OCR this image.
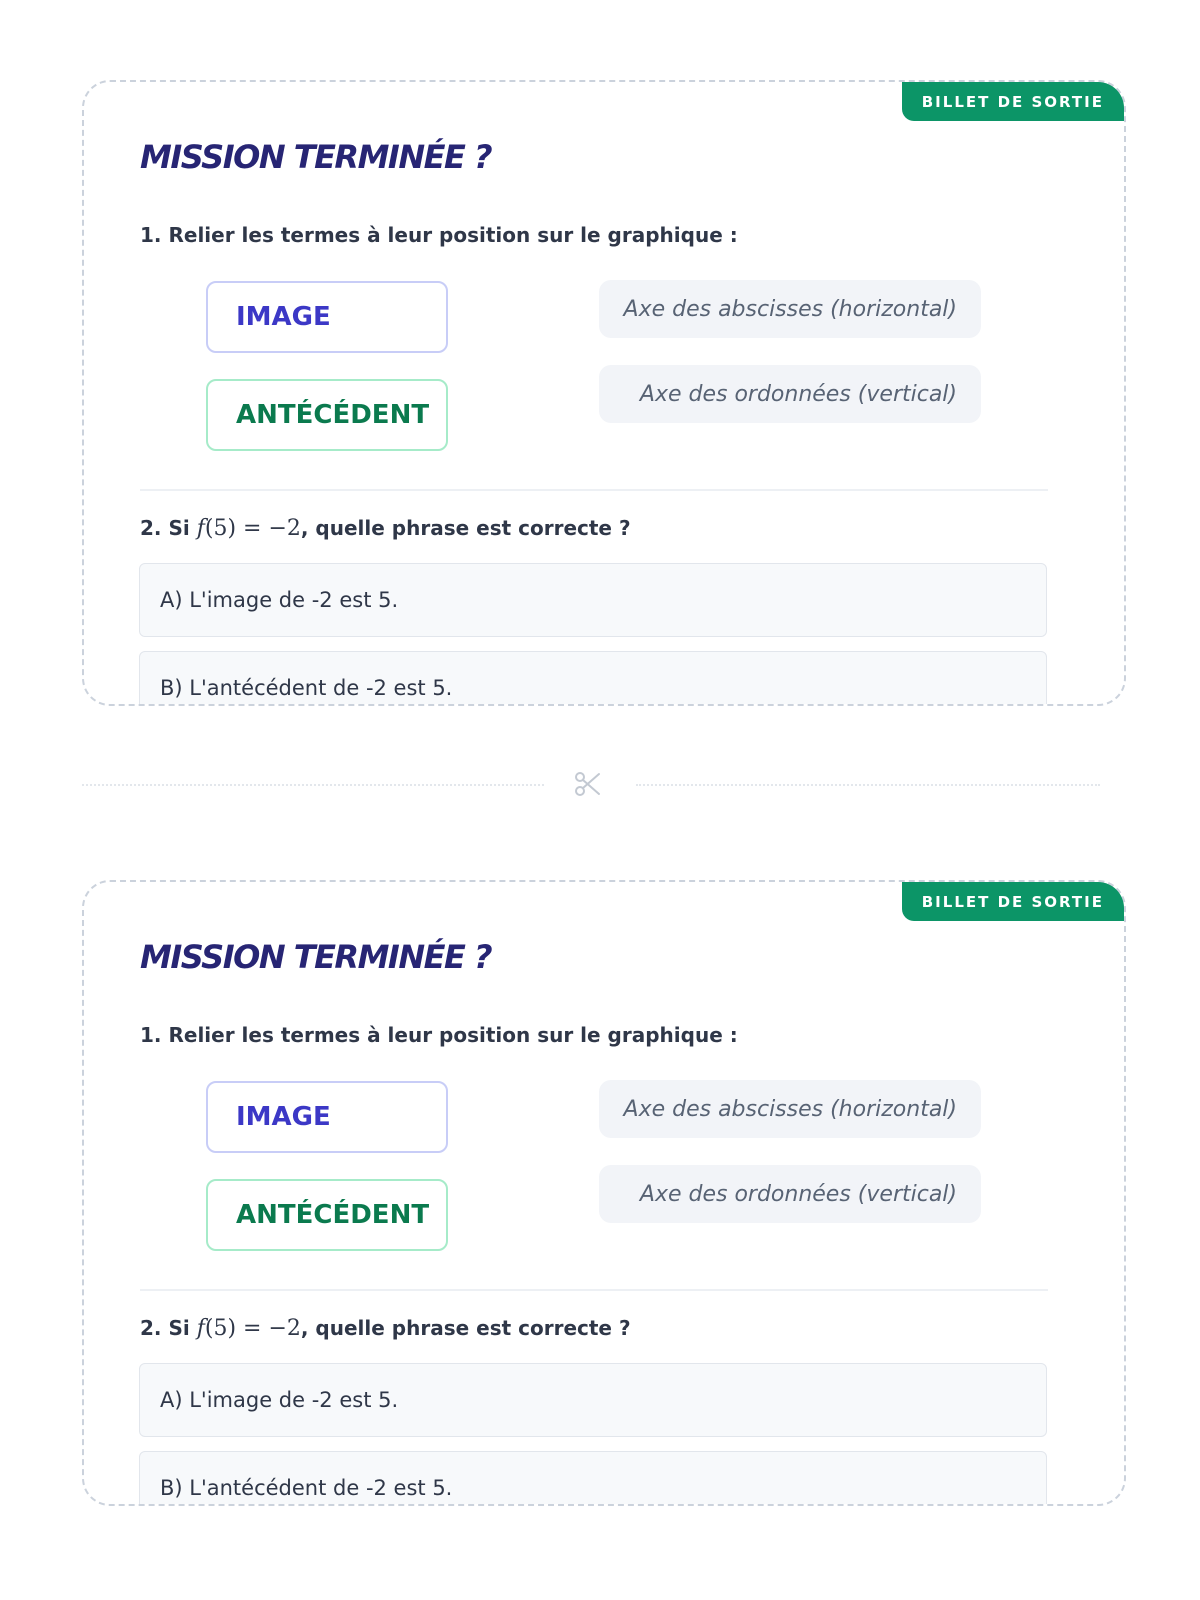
BILLET DE SORTIE
MISSION TERMINÉE ?
1. Relier les termes à leur position sur le graphique :
IMAGE
ANTÉCÉDENT
Axe des abscisses (horizontal)
Axe des ordonnées (vertical)
2. Si f(5) = −2, quelle phrase est correcte ?
A) L'image de -2 est 5.
B) L'antécédent de -2 est 5.
BILLET DE SORTIE
MISSION TERMINÉE ?
1. Relier les termes à leur position sur le graphique :
IMAGE
ANTÉCÉDENT
Axe des abscisses (horizontal)
Axe des ordonnées (vertical)
2. Si f(5) = −2, quelle phrase est correcte ?
A) L'image de -2 est 5.
B) L'antécédent de -2 est 5.
